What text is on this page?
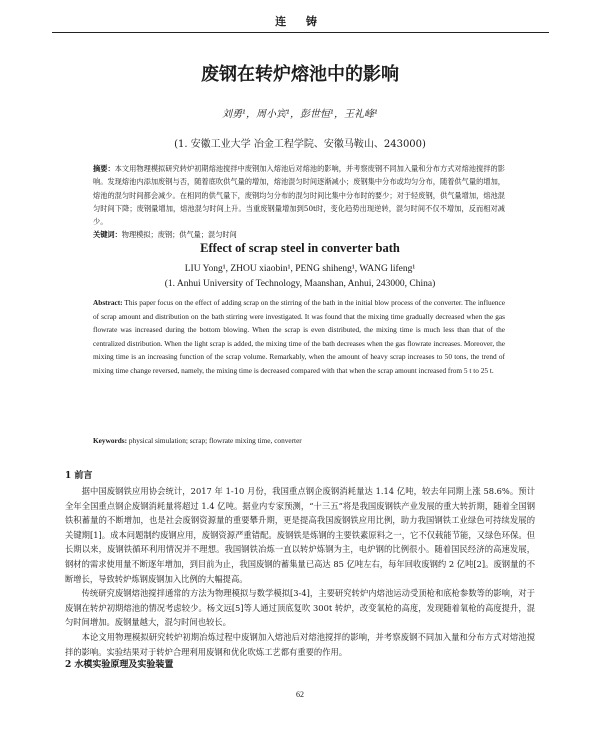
连 铸
废钢在转炉熔池中的影响
刘勇¹，周小宾¹，彭世恒¹，王礼峰¹
(1. 安徽工业大学 冶金工程学院、安徽马鞍山、243000)
摘要：本文用物理模拟研究转炉初期熔池搅拌中废钢加入熔池后对熔池的影响，并考察废钢不同加入量和分布方式对熔池搅拌的影响。发现熔池内添加废钢与否，随着底吹供气量的增加，熔池混匀时间逐渐减小；废钢集中分布或均匀分布，随着供气量的增加，熔池的混匀时间都会减少。在相同的供气量下，废钢均匀分布的混匀时间比集中分布时的要少；对于轻废钢，供气量增加，熔池混匀时间下降；废钢量增加，熔池混匀时间上升。当重废钢量增加到50t时，变化趋势出现逆转，混匀时间不仅不增加，反而相对减少。
关键词：物理模拟；废钢；供气量；混匀时间
Effect of scrap steel in converter bath
LIU Yong¹, ZHOU xiaobin¹, PENG shiheng¹, WANG lifeng¹
(1. Anhui University of Technology, Maanshan, Anhui, 243000, China)
Abstract: This paper focus on the effect of adding scrap on the stirring of the bath in the initial blow process of the converter. The influence of scrap amount and distribution on the bath stirring were investigated. It was found that the mixing time gradually decreased when the gas flowrate was increased during the bottom blowing. When the scrap is even distributed, the mixing time is much less than that of the centralized distribution. When the light scrap is added, the mixing time of the bath decreases when the gas flowrate increases. Moreover, the mixing time is an increasing function of the scrap volume. Remarkably, when the amount of heavy scrap increases to 50 tons, the trend of mixing time change reversed, namely, the mixing time is decreased compared with that when the scrap amount increased from 5 t to 25 t.
Keywords: physical simulation; scrap; flowrate mixing time, converter
1 前言

据中国废钢铁应用协会统计，2017 年 1-10 月份，我国重点钢企废钢消耗量达 1.14 亿吨，较去年同期上涨 58.6%。预计全年全国重点钢企废钢消耗量将超过 1.4 亿吨。据业内专家预测，“十三五”将是我国废钢铁产业发展的重大转折期，随着全国钢铁积蓄量的不断增加，也是社会废钢资源量的重要攀升期，更是提高我国废钢铁应用比例，助力我国钢铁工业绿色可持续发展的关键期[1]。成本问题制约废钢应用，废钢资源严重错配。废钢铁是炼钢的主要铁素原料之一，它不仅载能节能，又绿色环保。但长期以来，废钢铁循环利用情况并不理想。我国钢铁冶炼一直以转炉炼钢为主，电炉钢的比例很小。随着国民经济的高速发展，钢材的需求使用量不断逐年增加，到目前为止，我国废钢的蓄集量已高达 85 亿吨左右，每年回收废钢约 2 亿吨[2]。废钢量的不断增长，导致转炉炼钢废钢加入比例的大幅提高。

传统研究废钢熔池搅拌通常的方法为物理模拟与数学模拟[3-4]，主要研究转炉内熔池运动受顶枪和底枪参数等的影响，对于废钢在转炉初期熔池的情况考虑较少。杨文远[5]等人通过顶底复吹 300t 转炉，改变氧枪的高度，发现随着氧枪的高度提升，混匀时间增加。废钢量越大，混匀时间也较长。

本论文用物理模拟研究转炉初期冶炼过程中废钢加入熔池后对熔池搅拌的影响，并考察废钢不同加入量和分布方式对熔池搅拌的影响。实验结果对于转炉合理利用废钢和优化吹炼工艺都有重要的作用。

2 水模实验原理及实验装置
62
